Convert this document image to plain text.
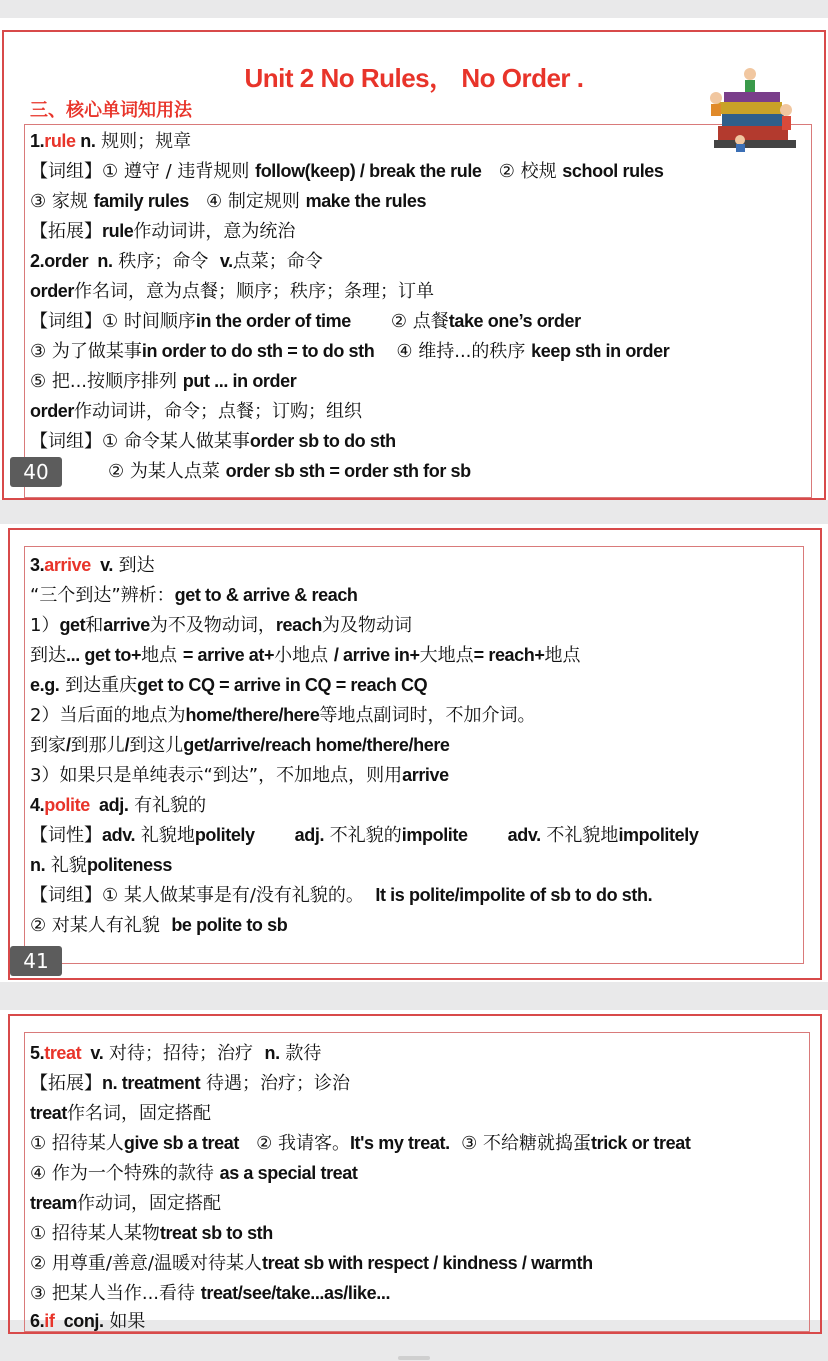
Unit 2 No Rules， No Order .
三、核心单词知用法
1.rule n. 规则；规章
【词组】① 遵守 / 违背规则 follow(keep) / break the rule   ② 校规 school rules
③ 家规 family rules   ④ 制定规则 make the rules
【拓展】rule作动词讲，意为统治
2.order  n. 秩序；命令  v.点菜；命令
order作名词，意为点餐；顺序；秩序；条理；订单
【词组】① 时间顺序in the order of time ② 点餐take one’s order
③ 为了做某事in order to do sth = to do sth ④ 维持...的秩序 keep sth in order
⑤ 把...按顺序排列 put ... in order
order作动词讲，命令；点餐；订购；组织
【词组】① 命令某人做某事order sb to do sth
② 为某人点菜 order sb sth = order sth for sb
40
3.arrive  v. 到达
“三个到达”辨析：get to & arrive & reach
1）get和arrive为不及物动词，reach为及物动词
到达... get to+地点 = arrive at+小地点 / arrive in+大地点= reach+地点
e.g. 到达重庆get to CQ = arrive in CQ = reach CQ
2）当后面的地点为home/there/here等地点副词时，不加介词。
到家/到那儿/到这儿get/arrive/reach home/there/here
3）如果只是单纯表示“到达”，不加地点，则用arrive
4.polite  adj. 有礼貌的
【词性】adv. 礼貌地politely adj. 不礼貌的impolite adv. 不礼貌地impolitely
n. 礼貌politeness
【词组】① 某人做某事是有/没有礼貌的。  It is polite/impolite of sb to do sth.
② 对某人有礼貌  be polite to sb
41
5.treat  v. 对待；招待；治疗  n. 款待
【拓展】n. treatment 待遇；治疗；诊治
treat作名词，固定搭配
① 招待某人give sb a treat   ② 我请客。It's my treat.  ③ 不给糖就捣蛋trick or treat
④ 作为一个特殊的款待 as a special treat
tream作动词，固定搭配
① 招待某人某物treat sb to sth
② 用尊重/善意/温暖对待某人treat sb with respect / kindness / warmth
③ 把某人当作...看待 treat/see/take...as/like...
6.if  conj. 如果
